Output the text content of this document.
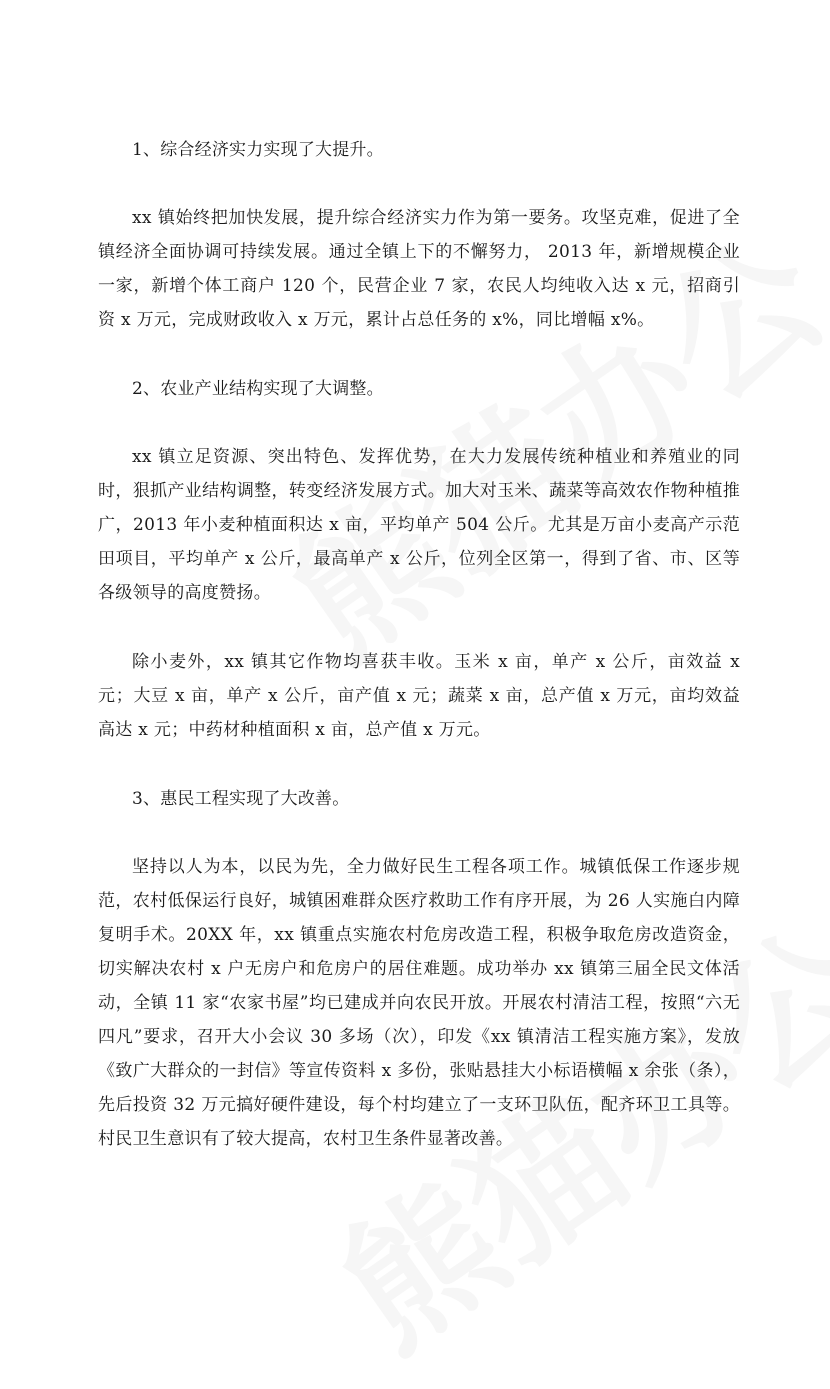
1、综合经济实力实现了大提升。

xx 镇始终把加快发展，提升综合经济实力作为第一要务。攻坚克难，促进了全镇经济全面协调可持续发展。通过全镇上下的不懈努力， 2013 年，新增规模企业一家，新增个体工商户 120 个，民营企业 7 家，农民人均纯收入达 x 元，招商引资 x 万元，完成财政收入 x 万元，累计占总任务的 x%，同比增幅 x%。

2、农业产业结构实现了大调整。

xx 镇立足资源、突出特色、发挥优势，在大力发展传统种植业和养殖业的同时，狠抓产业结构调整，转变经济发展方式。加大对玉米、蔬菜等高效农作物种植推广，2013 年小麦种植面积达 x 亩，平均单产 504 公斤。尤其是万亩小麦高产示范田项目，平均单产 x 公斤，最高单产 x 公斤，位列全区第一，得到了省、市、区等各级领导的高度赞扬。

除小麦外，xx 镇其它作物均喜获丰收。玉米 x 亩，单产 x 公斤，亩效益 x 元；大豆 x 亩，单产 x 公斤，亩产值 x 元；蔬菜 x 亩，总产值 x 万元，亩均效益高达 x 元；中药材种植面积 x 亩，总产值 x 万元。

3、惠民工程实现了大改善。

坚持以人为本，以民为先，全力做好民生工程各项工作。城镇低保工作逐步规范，农村低保运行良好，城镇困难群众医疗救助工作有序开展，为 26 人实施白内障复明手术。20XX 年，xx 镇重点实施农村危房改造工程，积极争取危房改造资金，切实解决农村 x 户无房户和危房户的居住难题。成功举办 xx 镇第三届全民文体活动，全镇 11 家“农家书屋”均已建成并向农民开放。开展农村清洁工程，按照“六无四凡”要求，召开大小会议 30 多场（次），印发《xx 镇清洁工程实施方案》，发放《致广大群众的一封信》等宣传资料 x 多份，张贴悬挂大小标语横幅 x 余张（条），先后投资 32 万元搞好硬件建设，每个村均建立了一支环卫队伍，配齐环卫工具等。村民卫生意识有了较大提高，农村卫生条件显著改善。
